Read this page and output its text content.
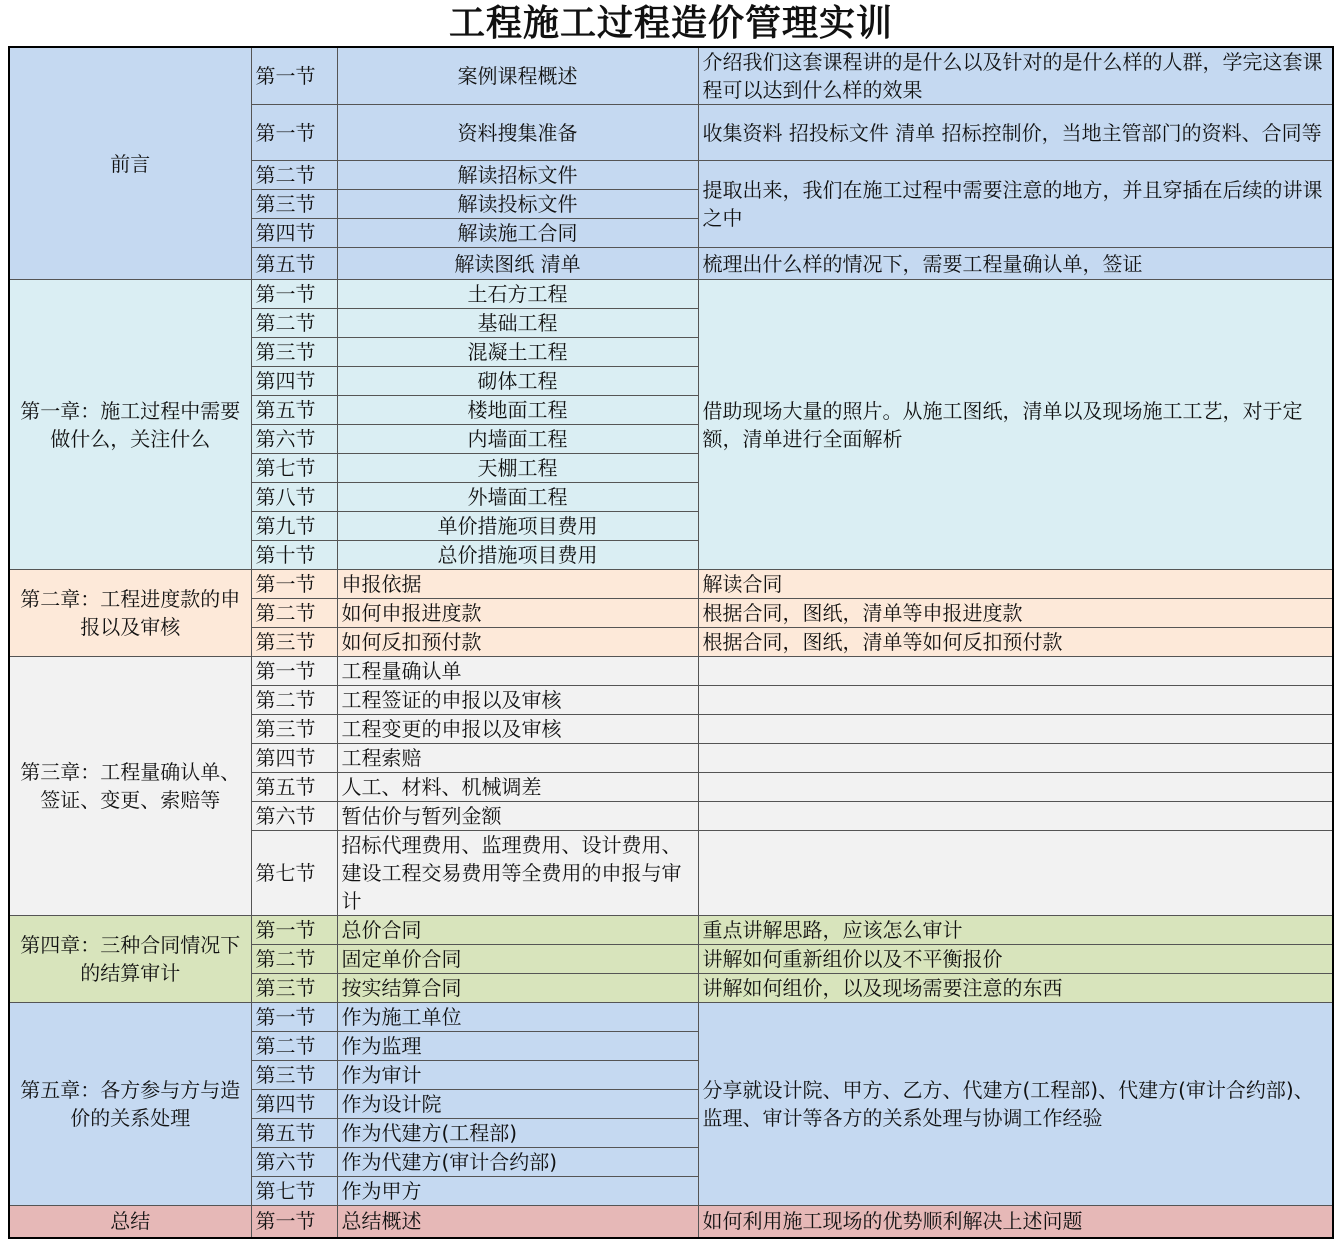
工程施工过程造价管理实训
前言	第一节	案例课程概述	介绍我们这套课程讲的是什么以及针对的是什么样的人群，学完这套课程可以达到什么样的效果
	第一节	资料搜集准备	收集资料 招投标文件 清单 招标控制价，当地主管部门的资料、合同等
	第二节	解读招标文件	提取出来，我们在施工过程中需要注意的地方，并且穿插在后续的讲课之中
	第三节	解读投标文件	
	第四节	解读施工合同	
	第五节	解读图纸 清单	梳理出什么样的情况下，需要工程量确认单，签证
第一章：施工过程中需要做什么，关注什么	第一节	土石方工程	借助现场大量的照片。从施工图纸，清单以及现场施工工艺，对于定额，清单进行全面解析
	第二节	基础工程	
	第三节	混凝土工程	
	第四节	砌体工程	
	第五节	楼地面工程	
	第六节	内墙面工程	
	第七节	天棚工程	
	第八节	外墙面工程	
	第九节	单价措施项目费用	
	第十节	总价措施项目费用	
第二章：工程进度款的申报以及审核	第一节	申报依据	解读合同
	第二节	如何申报进度款	根据合同，图纸，清单等申报进度款
	第三节	如何反扣预付款	根据合同，图纸，清单等如何反扣预付款
第三章：工程量确认单、签证、变更、索赔等	第一节	工程量确认单	
	第二节	工程签证的申报以及审核	
	第三节	工程变更的申报以及审核	
	第四节	工程索赔	
	第五节	人工、材料、机械调差	
	第六节	暂估价与暂列金额	
	第七节	招标代理费用、监理费用、设计费用、建设工程交易费用等全费用的申报与审计	
第四章：三种合同情况下的结算审计	第一节	总价合同	重点讲解思路，应该怎么审计
	第二节	固定单价合同	讲解如何重新组价以及不平衡报价
	第三节	按实结算合同	讲解如何组价，以及现场需要注意的东西
第五章：各方参与方与造价的关系处理	第一节	作为施工单位	分享就设计院、甲方、乙方、代建方(工程部)、代建方(审计合约部)、监理、审计等各方的关系处理与协调工作经验
	第二节	作为监理	
	第三节	作为审计	
	第四节	作为设计院	
	第五节	作为代建方(工程部)	
	第六节	作为代建方(审计合约部)	
	第七节	作为甲方	
总结	第一节	总结概述	如何利用施工现场的优势顺利解决上述问题
